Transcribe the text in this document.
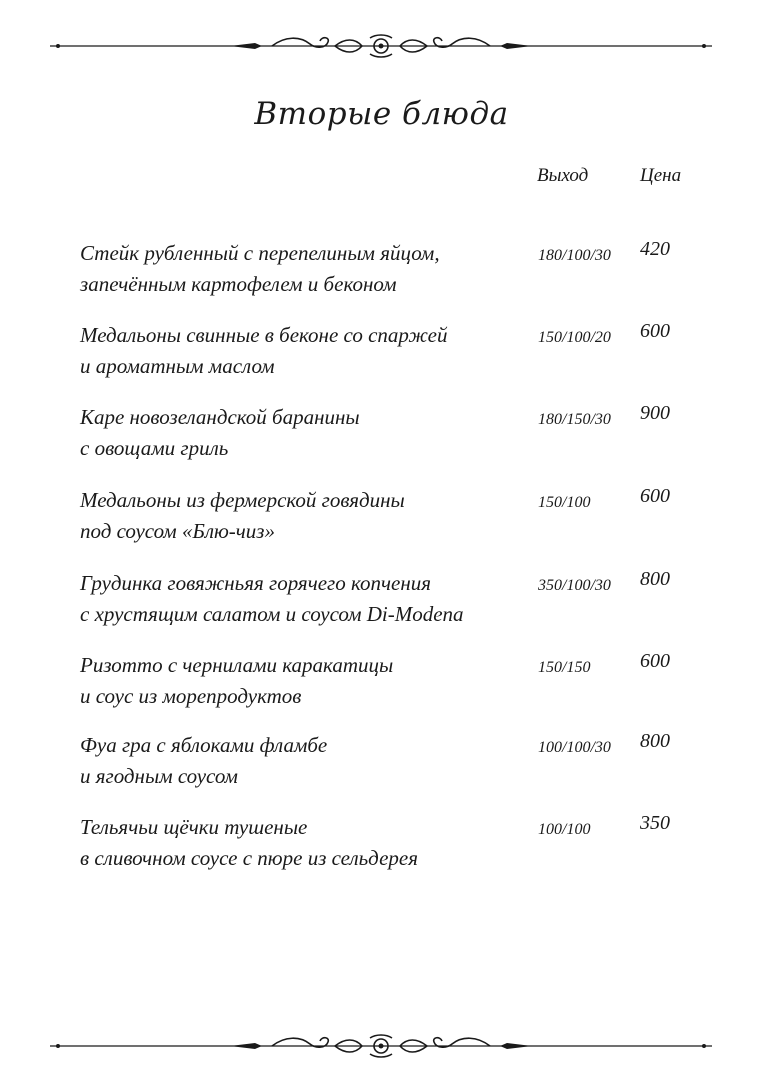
Вторые блюда
Выход	Цена
Стейк рубленный с перепелиным яйцом,
запечённым картофелем и беконом
180/100/30 420
Медальоны свинные в беконе со спаржей
и ароматным маслом
150/100/20 600
Каре новозеландской баранины
с овощами гриль
180/150/30 900
Медальоны из фермерской говядины
под соусом «Блю-чиз»
150/100 600
Грудинка говяжньяя горячего копчения
с хрустящим салатом и соусом Di-Modena
350/100/30 800
Ризотто с чернилами каракатицы
и соус из морепродуктов
150/150 600
Фуа гра с яблоками фламбе
и ягодным соусом
100/100/30 800
Тельячьи щёчки тушеные
в сливочном соусе с пюре из сельдерея
100/100 350
